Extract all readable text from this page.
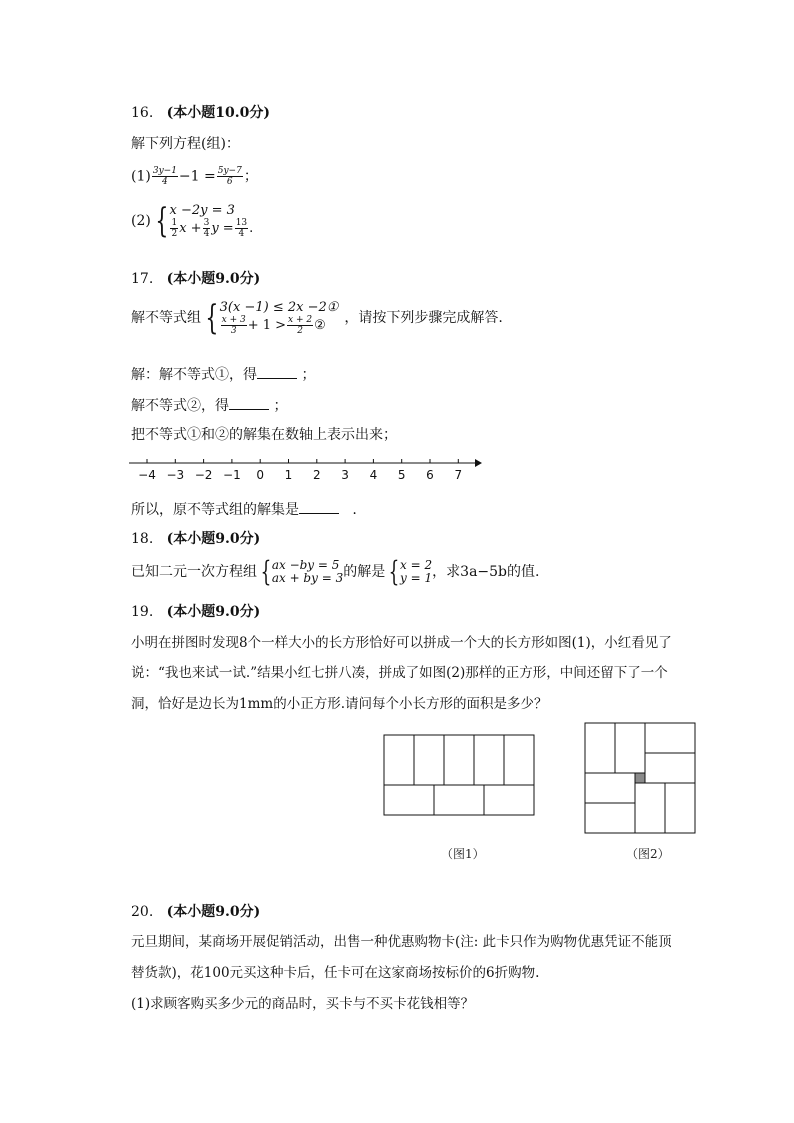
16. (本小题10.0分)
解下列方程(组)：
$(1) \frac{3y-1}{4} -1 = \frac{5y-7}{6}$ ；
(2) { x −2y = 3
$\frac{1}{2}$ $x + \frac{3}{4}$ $y = \frac{13}{4}$ .
17. (本小题9.0分)
解不等式组 { 3(x −1) ≤ 2x −2①
$\frac{x + 3}{3} + 1 > \frac{x + 2}{2}$ ②	，请按下列步骤完成解答.
解：解不等式①，得	；
解不等式②，得	；
把不等式①和②的解集在数轴上表示出来；
−4 −3 −2 −1 0 1 2 3 4 5 6 7
所以，原不等式组的解集是	.
18. (本小题9.0分)
已知二元一次方程组 { ax −by = 5
ax + by = 3 的解是 { x = 2
y = 1 ，求3a−5b的值.
19. (本小题9.0分)
小明在拼图时发现8个一样大小的长方形恰好可以拼成一个大的长方形如图(1)，小红看见了
说：“我也来试一试.”结果小红七拼八凑，拼成了如图(2)那样的正方形，中间还留下了一个
洞，恰好是边长为1mm的小正方形.请问每个小长方形的面积是多少？
（图1）	（图2）
20. (本小题9.0分)
元旦期间，某商场开展促销活动，出售一种优惠购物卡(注: 此卡只作为购物优惠凭证不能顶
替货款)，花100元买这种卡后，任卡可在这家商场按标价的6折购物.
(1)求顾客购买多少元的商品时，买卡与不买卡花钱相等？
